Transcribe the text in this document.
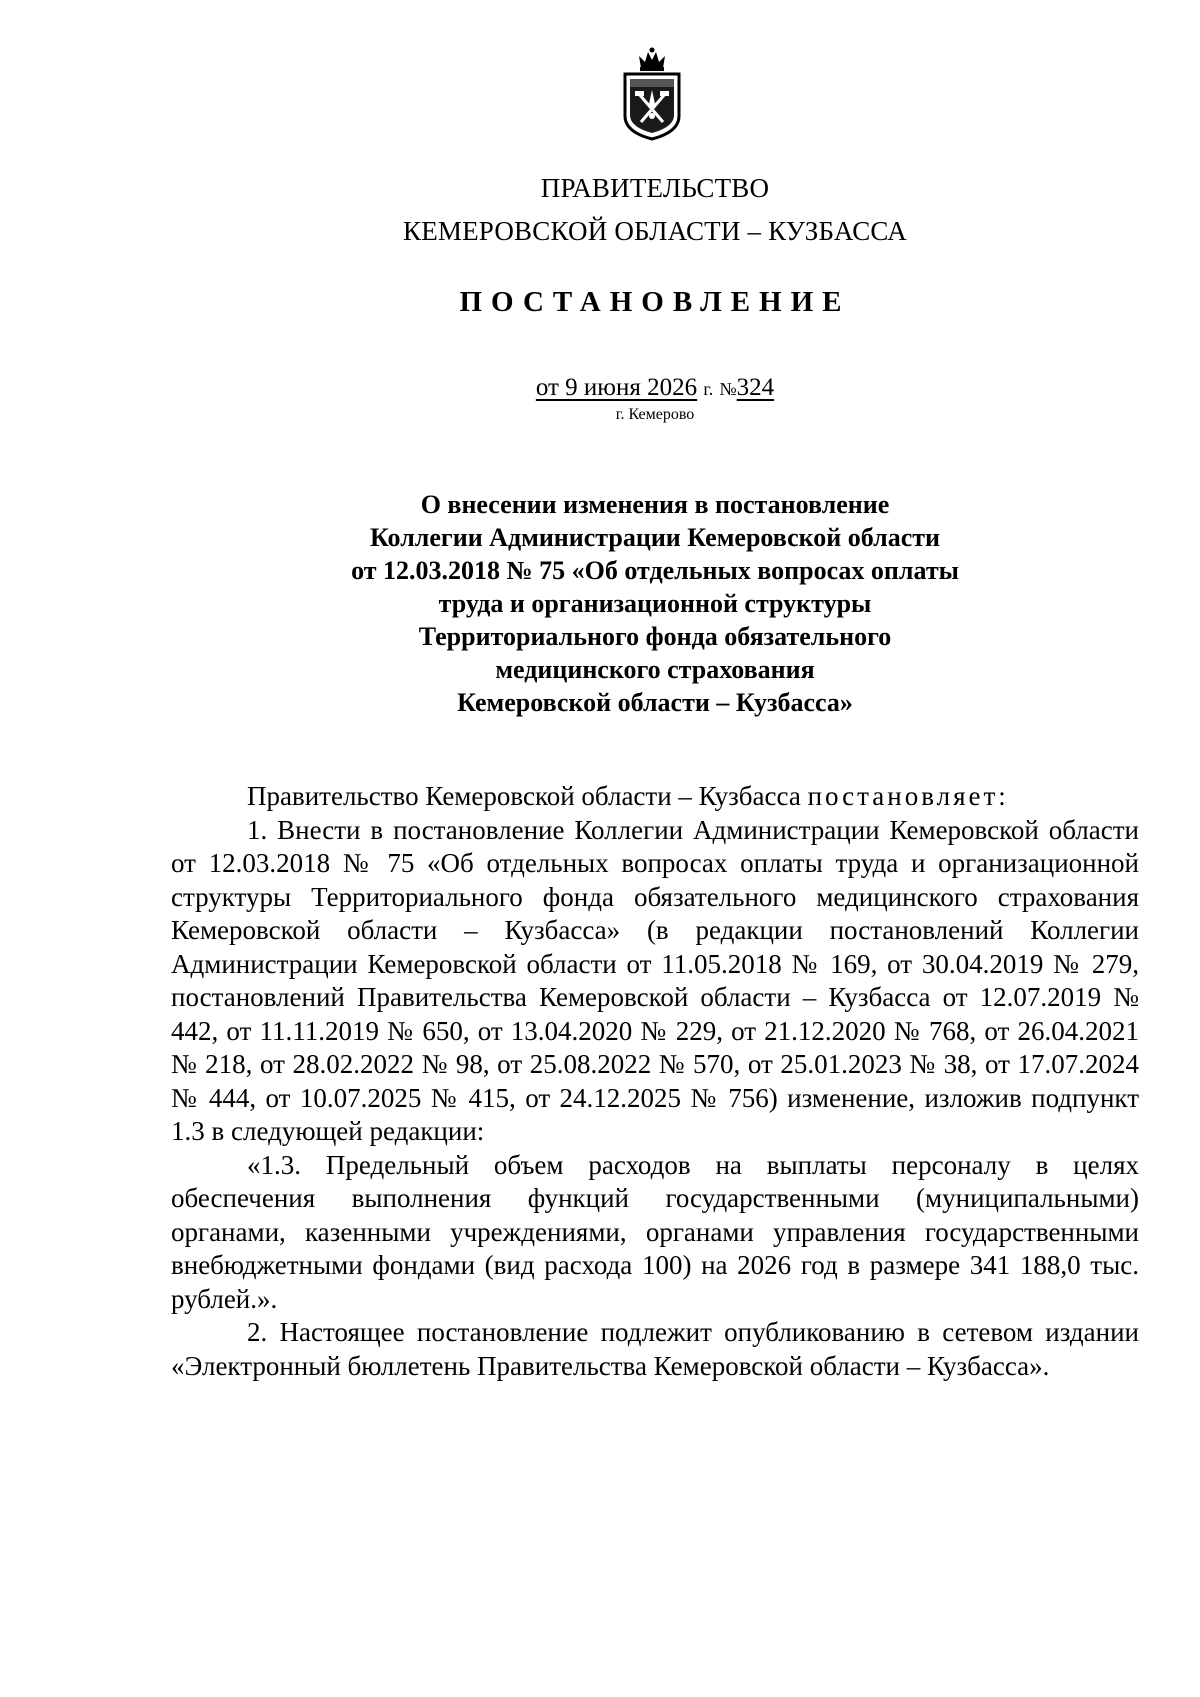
ПРАВИТЕЛЬСТВО
КЕМЕРОВСКОЙ ОБЛАСТИ – КУЗБАССА
ПОСТАНОВЛЕНИЕ
от 9 июня 2026 г. №324
г. Кемерово
О внесении изменения в постановление
Коллегии Администрации Кемеровской области
от 12.03.2018 № 75 «Об отдельных вопросах оплаты
труда и организационной структуры
Территориального фонда обязательного
медицинского страхования
Кемеровской области – Кузбасса»

Правительство Кемеровской области – Кузбасса постановляет:

1. Внести в постановление Коллегии Администрации Кемеровской области от 12.03.2018 № 75 «Об отдельных вопросах оплаты труда и организационной структуры Территориального фонда обязательного медицинского страхования Кемеровской области – Кузбасса» (в редакции постановлений Коллегии Администрации Кемеровской области от 11.05.2018 № 169, от 30.04.2019 № 279, постановлений Правительства Кемеровской области – Кузбасса от 12.07.2019 № 442, от 11.11.2019 № 650, от 13.04.2020 № 229, от 21.12.2020 № 768, от 26.04.2021 № 218, от 28.02.2022 № 98, от 25.08.2022 № 570, от 25.01.2023 № 38, от 17.07.2024 № 444, от 10.07.2025 № 415, от 24.12.2025 № 756) изменение, изложив подпункт 1.3 в следующей редакции:

«1.3. Предельный объем расходов на выплаты персоналу в целях обеспечения выполнения функций государственными (муниципальными) органами, казенными учреждениями, органами управления государственными внебюджетными фондами (вид расхода 100) на 2026 год в размере 341 188,0 тыс. рублей.».

2. Настоящее постановление подлежит опубликованию в сетевом издании «Электронный бюллетень Правительства Кемеровской области – Кузбасса».
